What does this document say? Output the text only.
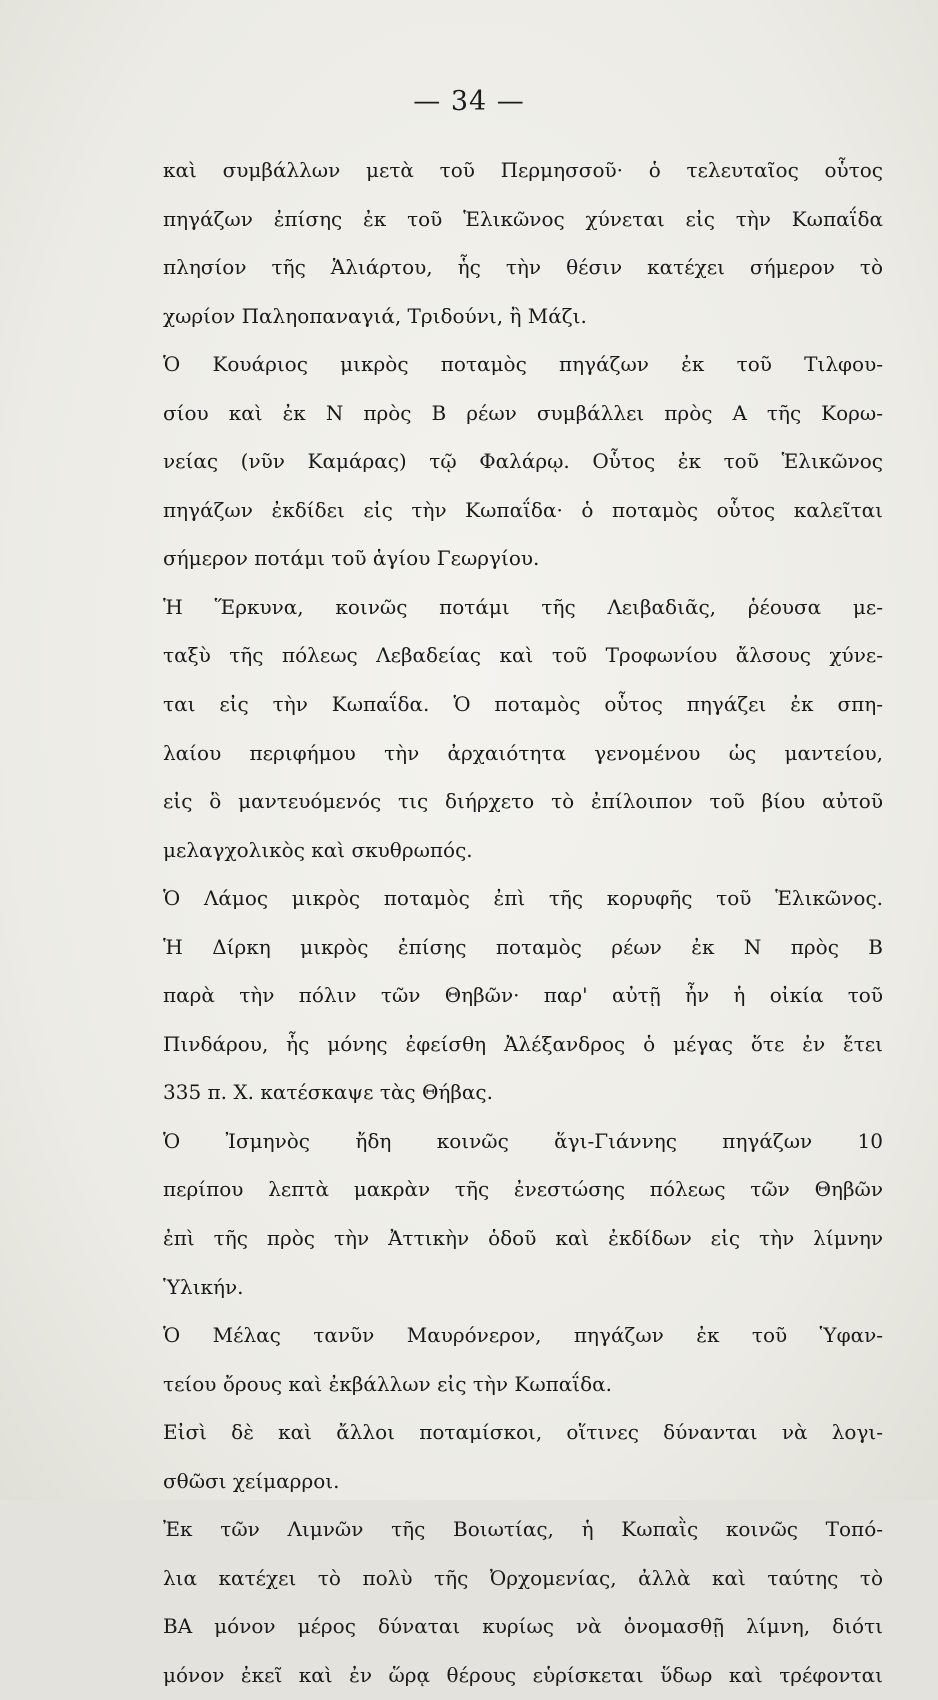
— 34 —
καὶ συμβάλλων μετὰ τοῦ Περμησσοῦ· ὁ τελευταῖος οὗτος
πηγάζων ἐπίσης ἐκ τοῦ Ἑλικῶνος χύνεται εἰς τὴν Κωπαΐδα
πλησίον τῆς Ἁλιάρτου, ἧς τὴν θέσιν κατέχει σήμερον τὸ
χωρίον Παληοπαναγιά, Τριδούνι, ἢ Μάζι.
Ὁ Κουάριος μικρὸς ποταμὸς πηγάζων ἐκ τοῦ Τιλφου-
σίου καὶ ἐκ Ν πρὸς Β ρέων συμβάλλει πρὸς Α τῆς Κορω-
νείας (νῦν Καμάρας) τῷ Φαλάρῳ. Οὗτος ἐκ τοῦ Ἑλικῶνος
πηγάζων ἐκδίδει εἰς τὴν Κωπαΐδα· ὁ ποταμὸς οὗτος καλεῖται
σήμερον ποτάμι τοῦ ἁγίου Γεωργίου.
Ἡ Ἕρκυνα, κοινῶς ποτάμι τῆς Λειβαδιᾶς, ῥέουσα με-
ταξὺ τῆς πόλεως Λεβαδείας καὶ τοῦ Τροφωνίου ἄλσους χύνε-
ται εἰς τὴν Κωπαΐδα. Ὁ ποταμὸς οὗτος πηγάζει ἐκ σπη-
λαίου περιφήμου τὴν ἀρχαιότητα γενομένου ὡς μαντείου,
εἰς ὃ μαντευόμενός τις διήρχετο τὸ ἐπίλοιπον τοῦ βίου αὐτοῦ
μελαγχολικὸς καὶ σκυθρωπός.
Ὁ Λάμος μικρὸς ποταμὸς ἐπὶ τῆς κορυφῆς τοῦ Ἑλικῶνος.
Ἡ Δίρκη μικρὸς ἐπίσης ποταμὸς ρέων ἐκ Ν πρὸς Β
παρὰ τὴν πόλιν τῶν Θηβῶν· παρ' αὐτῇ ἦν ἡ οἰκία τοῦ
Πινδάρου, ἧς μόνης ἐφείσθη Ἀλέξανδρος ὁ μέγας ὅτε ἐν ἔτει
335 π. Χ. κατέσκαψε τὰς Θήβας.
Ὁ Ἰσμηνὸς ἤδη κοινῶς ἅγι-Γιάννης πηγάζων 10
περίπου λεπτὰ μακρὰν τῆς ἐνεστώσης πόλεως τῶν Θηβῶν
ἐπὶ τῆς πρὸς τὴν Ἀττικὴν ὁδοῦ καὶ ἐκδίδων εἰς τὴν λίμνην
Ὑλικήν.
Ὁ Μέλας τανῦν Μαυρόνερον, πηγάζων ἐκ τοῦ Ὑφαν-
τείου ὄρους καὶ ἐκβάλλων εἰς τὴν Κωπαΐδα.
Εἰσὶ δὲ καὶ ἄλλοι ποταμίσκοι, οἵτινες δύνανται νὰ λογι-
σθῶσι χείμαρροι.
Ἐκ τῶν Λιμνῶν τῆς Βοιωτίας, ἡ Κωπαῒς κοινῶς Τοπό-
λια κατέχει τὸ πολὺ τῆς Ὀρχομενίας, ἀλλὰ καὶ ταύτης τὸ
ΒΑ μόνον μέρος δύναται κυρίως νὰ ὀνομασθῇ λίμνη, διότι
μόνον ἐκεῖ καὶ ἐν ὥρᾳ θέρους εὑρίσκεται ὕδωρ καὶ τρέφονται
